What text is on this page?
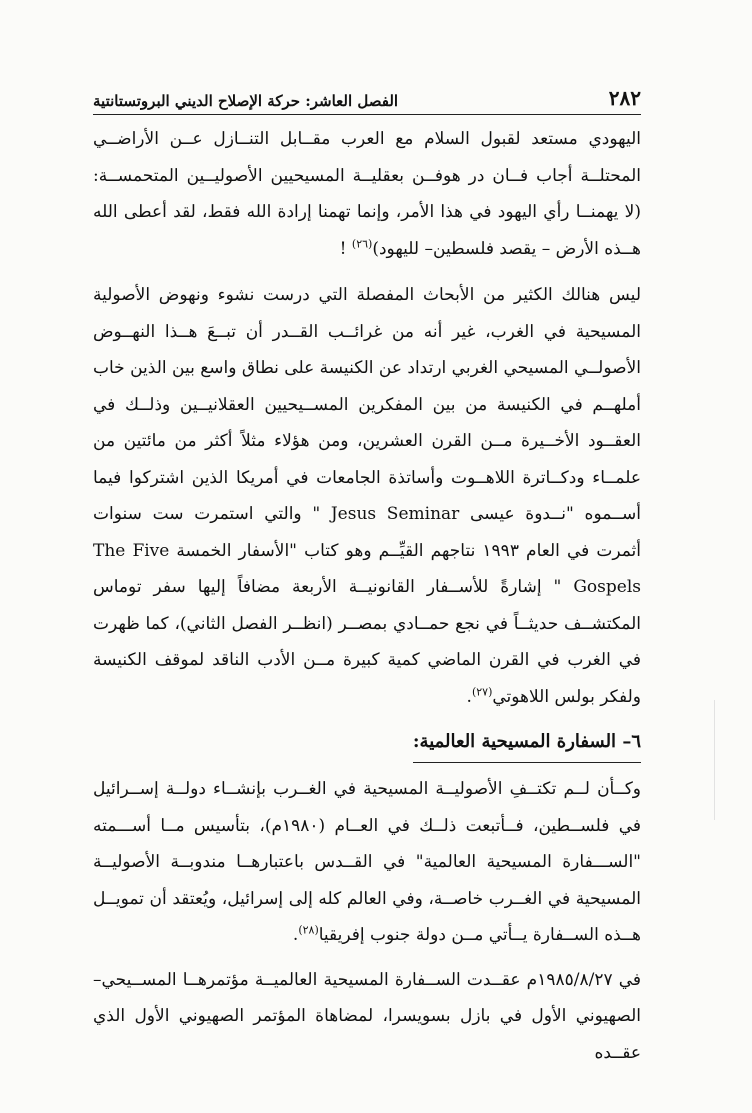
٢٨٢
الفصل العاشر: حركة الإصلاح الديني البروتستانتية

اليهودي مستعد لقبول السلام مع العرب مقــابل التنــازل عــن الأراضــي المحتلــة أجاب فــان در هوفــن بعقليــة المسيحيين الأصوليــين المتحمســة: (لا يهمنــا رأي اليهود في هذا الأمر، وإنما تهمنا إرادة الله فقط، لقد أعطى الله هــذه الأرض – يقصد فلسطين– لليهود)$^{(٢٦)}$ !

ليس هنالك الكثير من الأبحاث المفصلة التي درست نشوء ونهوض الأصولية المسيحية في الغرب، غير أنه من غرائــب القــدر أن تبــعَ هــذا النهــوض الأصولــي المسيحي الغربي ارتداد عن الكنيسة على نطاق واسع بين الذين خاب أملهــم في الكنيسة من بين المفكرين المســيحيين العقلانيــين وذلــك في العقــود الأخــيرة مــن القرن العشرين، ومن هؤلاء مثلاً أكثر من مائتين من علمــاء ودكــاترة اللاهــوت وأساتذة الجامعات في أمريكا الذين اشتركوا فيما أســموه "نــدوة عيسى Jesus Seminar " والتي استمرت ست سنوات أثمرت في العام ١٩٩٣ نتاجهم القيِّــم وهو كتاب "الأسفار الخمسة The Five Gospels " إشارةً للأســفار القانونيــة الأربعة مضافاً إليها سفر توماس المكتشــف حديثــاً في نجع حمــادي بمصــر (انظــر الفصل الثاني)، كما ظهرت في الغرب في القرن الماضي كمية كبيرة مــن الأدب الناقد لموقف الكنيسة ولفكر بولس اللاهوتي$^{(٢٧)}$.

٦– السفارة المسيحية العالمية:

وكــأن لــم تكتــفِ الأصوليــة المسيحية في الغــرب بإنشــاء دولــة إســرائيل في فلســطين، فــأتبعت ذلــك في العــام (١٩٨٠م)، بتأسيس مــا أســـمته "الســـفارة المسيحية العالمية" في القــدس باعتبارهــا مندوبــة الأصوليــة المسيحية في الغــرب خاصــة، وفي العالم كله إلى إسرائيل، ويُعتقد أن تمويــل هــذه الســفارة يــأتي مــن دولة جنوب إفريقيا$^{(٢٨)}$.

في ١٩٨٥/٨/٢٧م عقــدت الســفارة المسيحية العالميــة مؤتمرهــا المســيحي– الصهيوني الأول في بازل بسويسرا، لمضاهاة المؤتمر الصهيوني الأول الذي عقــده
